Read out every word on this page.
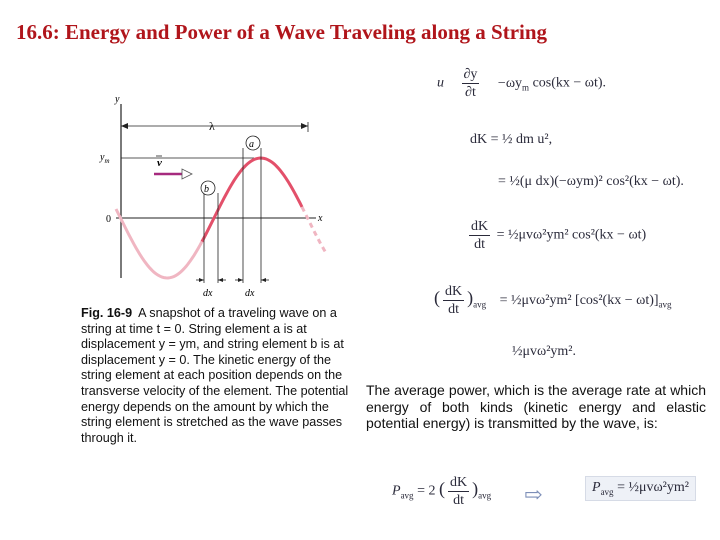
16.6: Energy and Power of a Wave Traveling along a String
y
x
0
$y_m$
λ
v
a
b
dx	dx
Fig. 16-9 A snapshot of a traveling wave on a string at time t = 0. String element a is at displacement y = ym, and string element b is at displacement y = 0. The kinetic energy of the string element at each position depends on the transverse velocity of the element. The potential energy depends on the amount by which the string element is stretched as the wave passes through it.
u $\frac{\partial y}{\partial t} -\omega y_m$ cos(kx − ωt).
dK = ½ dm u²,
= ½(μ dx)(−ωym)² cos²(kx − ωt).
$\frac{dK}{dt}$ = ½μvω²ym² cos²(kx − ωt)
( $\frac{dK}{dt} )_{avg}$ = ½μvω²ym² $[\cos^2(kx - \omega t)]_{avg}$
½μvω²ym².
The average power, which is the average rate at which energy of both kinds (kinetic energy and elastic potential energy) is transmitted by the wave, is:
$P_{avg} = 2$ ( $\frac{dK}{dt} )_{avg}$ ⇨	$P_{avg}$ = ½μvω²ym²
